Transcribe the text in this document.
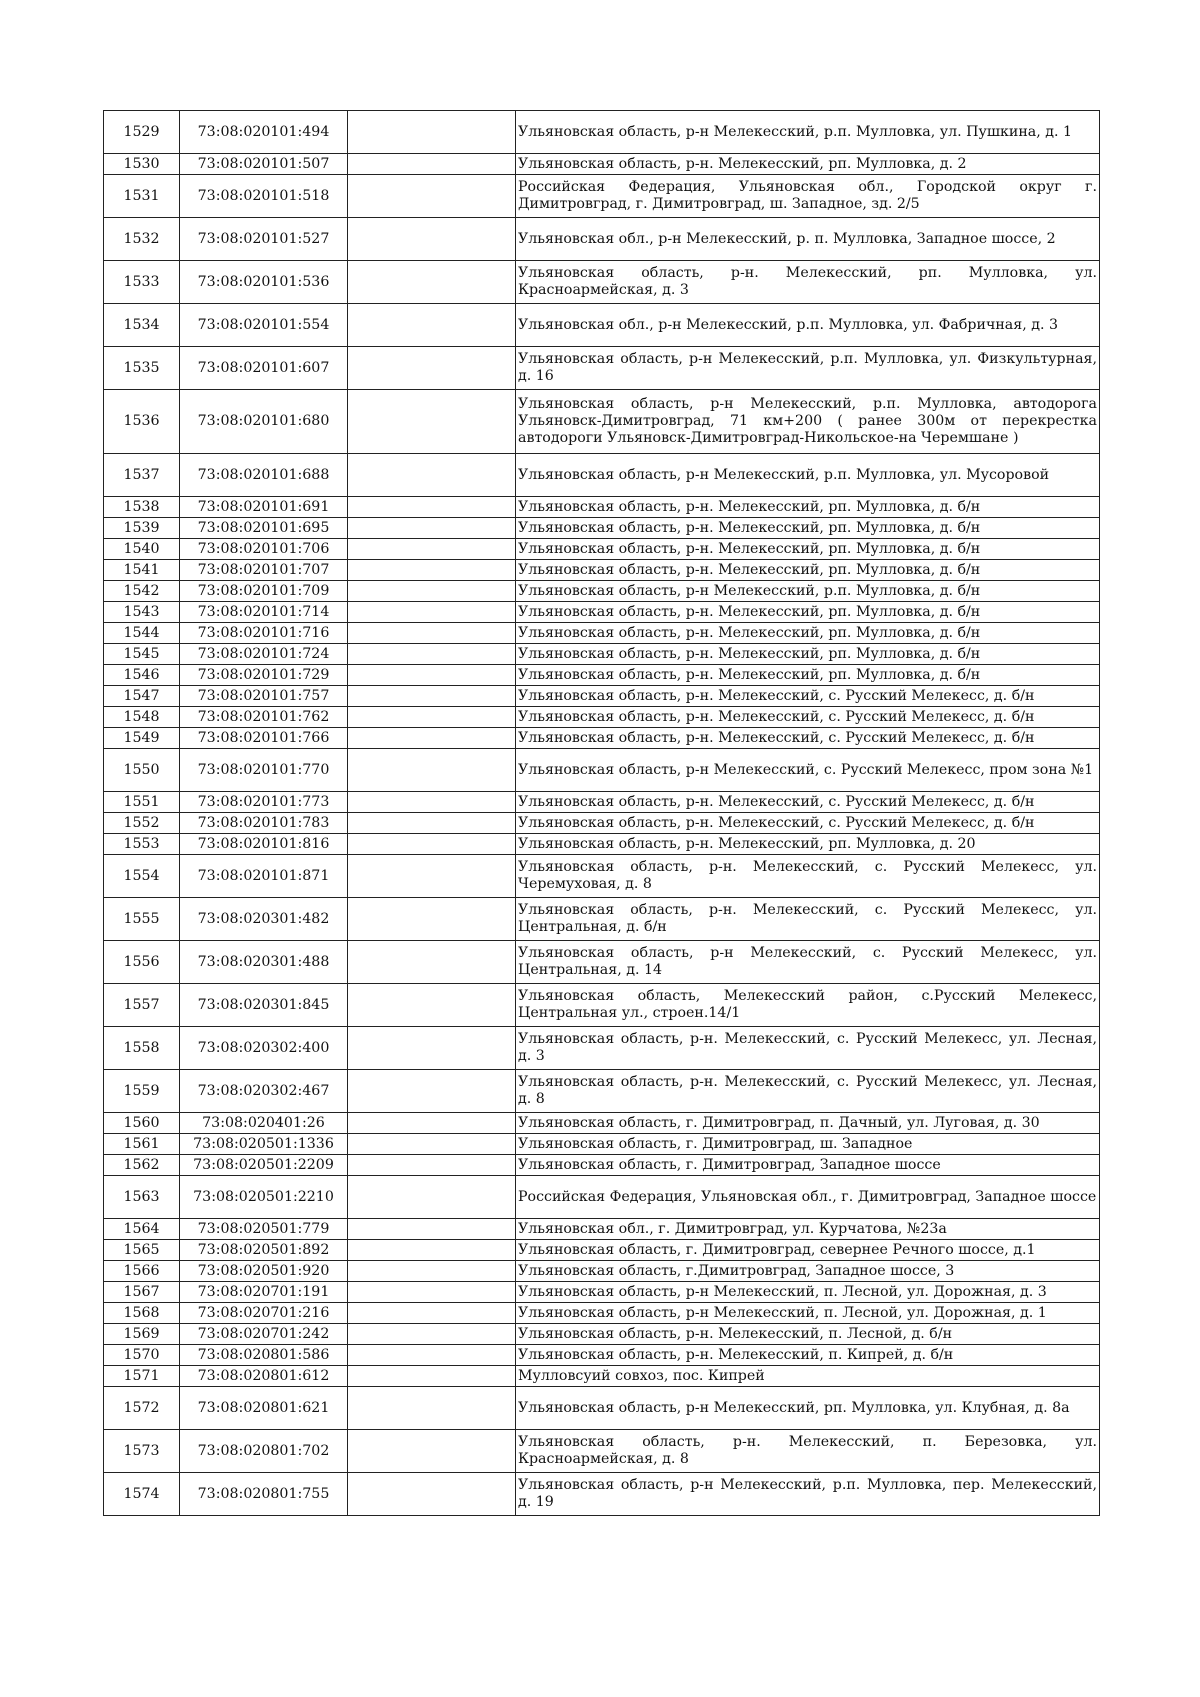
1529	73:08:020101:494		Ульяновская область, р-н Мелекесский, р.п. Мулловка, ул. Пушкина, д. 1
1530	73:08:020101:507		Ульяновская область, р-н. Мелекесский, рп. Мулловка, д. 2
1531	73:08:020101:518		Российская Федерация, Ульяновская обл., Городской округ г. Димитровград, г. Димитровград, ш. Западное, зд. 2/5
1532	73:08:020101:527		Ульяновская обл., р-н Мелекесский, р. п. Мулловка, Западное шоссе, 2
1533	73:08:020101:536		Ульяновская область, р-н. Мелекесский, рп. Мулловка, ул. Красноармейская, д. 3
1534	73:08:020101:554		Ульяновская обл., р-н Мелекесский, р.п. Мулловка, ул. Фабричная, д. 3
1535	73:08:020101:607		Ульяновская область, р-н Мелекесский, р.п. Мулловка, ул. Физкультурная, д. 16
1536	73:08:020101:680		Ульяновская область, р-н Мелекесский, р.п. Мулловка, автодорога Ульяновск-Димитровград, 71 км+200 ( ранее 300м от перекрестка автодороги Ульяновск-Димитровград-Никольское-на Черемшане )
1537	73:08:020101:688		Ульяновская область, р-н Мелекесский, р.п. Мулловка, ул. Мусоровой
1538	73:08:020101:691		Ульяновская область, р-н. Мелекесский, рп. Мулловка, д. б/н
1539	73:08:020101:695		Ульяновская область, р-н. Мелекесский, рп. Мулловка, д. б/н
1540	73:08:020101:706		Ульяновская область, р-н. Мелекесский, рп. Мулловка, д. б/н
1541	73:08:020101:707		Ульяновская область, р-н. Мелекесский, рп. Мулловка, д. б/н
1542	73:08:020101:709		Ульяновская область, р-н Мелекесский, р.п. Мулловка, д. б/н
1543	73:08:020101:714		Ульяновская область, р-н. Мелекесский, рп. Мулловка, д. б/н
1544	73:08:020101:716		Ульяновская область, р-н. Мелекесский, рп. Мулловка, д. б/н
1545	73:08:020101:724		Ульяновская область, р-н. Мелекесский, рп. Мулловка, д. б/н
1546	73:08:020101:729		Ульяновская область, р-н. Мелекесский, рп. Мулловка, д. б/н
1547	73:08:020101:757		Ульяновская область, р-н. Мелекесский, с. Русский Мелекесс, д. б/н
1548	73:08:020101:762		Ульяновская область, р-н. Мелекесский, с. Русский Мелекесс, д. б/н
1549	73:08:020101:766		Ульяновская область, р-н. Мелекесский, с. Русский Мелекесс, д. б/н
1550	73:08:020101:770		Ульяновская область, р-н Мелекесский, с. Русский Мелекесс, пром зона №1
1551	73:08:020101:773		Ульяновская область, р-н. Мелекесский, с. Русский Мелекесс, д. б/н
1552	73:08:020101:783		Ульяновская область, р-н. Мелекесский, с. Русский Мелекесс, д. б/н
1553	73:08:020101:816		Ульяновская область, р-н. Мелекесский, рп. Мулловка, д. 20
1554	73:08:020101:871		Ульяновская область, р-н. Мелекесский, с. Русский Мелекесс, ул. Черемуховая, д. 8
1555	73:08:020301:482		Ульяновская область, р-н. Мелекесский, с. Русский Мелекесс, ул. Центральная, д. б/н
1556	73:08:020301:488		Ульяновская область, р-н Мелекесский, с. Русский Мелекесс, ул. Центральная, д. 14
1557	73:08:020301:845		Ульяновская область, Мелекесский район, с.Русский Мелекесс, Центральная ул., строен.14/1
1558	73:08:020302:400		Ульяновская область, р-н. Мелекесский, с. Русский Мелекесс, ул. Лесная, д. 3
1559	73:08:020302:467		Ульяновская область, р-н. Мелекесский, с. Русский Мелекесс, ул. Лесная, д. 8
1560	73:08:020401:26		Ульяновская область, г. Димитровград, п. Дачный, ул. Луговая, д. 30
1561	73:08:020501:1336		Ульяновская область, г. Димитровград, ш. Западное
1562	73:08:020501:2209		Ульяновская область, г. Димитровград, Западное шоссе
1563	73:08:020501:2210		Российская Федерация, Ульяновская обл., г. Димитровград, Западное шоссе
1564	73:08:020501:779		Ульяновская обл., г. Димитровград, ул. Курчатова, №23а
1565	73:08:020501:892		Ульяновская область, г. Димитровград, севернее Речного шоссе, д.1
1566	73:08:020501:920		Ульяновская область, г.Димитровград, Западное шоссе, 3
1567	73:08:020701:191		Ульяновская область, р-н Мелекесский, п. Лесной, ул. Дорожная, д. 3
1568	73:08:020701:216		Ульяновская область, р-н Мелекесский, п. Лесной, ул. Дорожная, д. 1
1569	73:08:020701:242		Ульяновская область, р-н. Мелекесский, п. Лесной, д. б/н
1570	73:08:020801:586		Ульяновская область, р-н. Мелекесский, п. Кипрей, д. б/н
1571	73:08:020801:612		Мулловсуий совхоз, пос. Кипрей
1572	73:08:020801:621		Ульяновская область, р-н Мелекесский, рп. Мулловка, ул. Клубная, д. 8а
1573	73:08:020801:702		Ульяновская область, р-н. Мелекесский, п. Березовка, ул. Красноармейская, д. 8
1574	73:08:020801:755		Ульяновская область, р-н Мелекесский, р.п. Мулловка, пер. Мелекесский, д. 19
